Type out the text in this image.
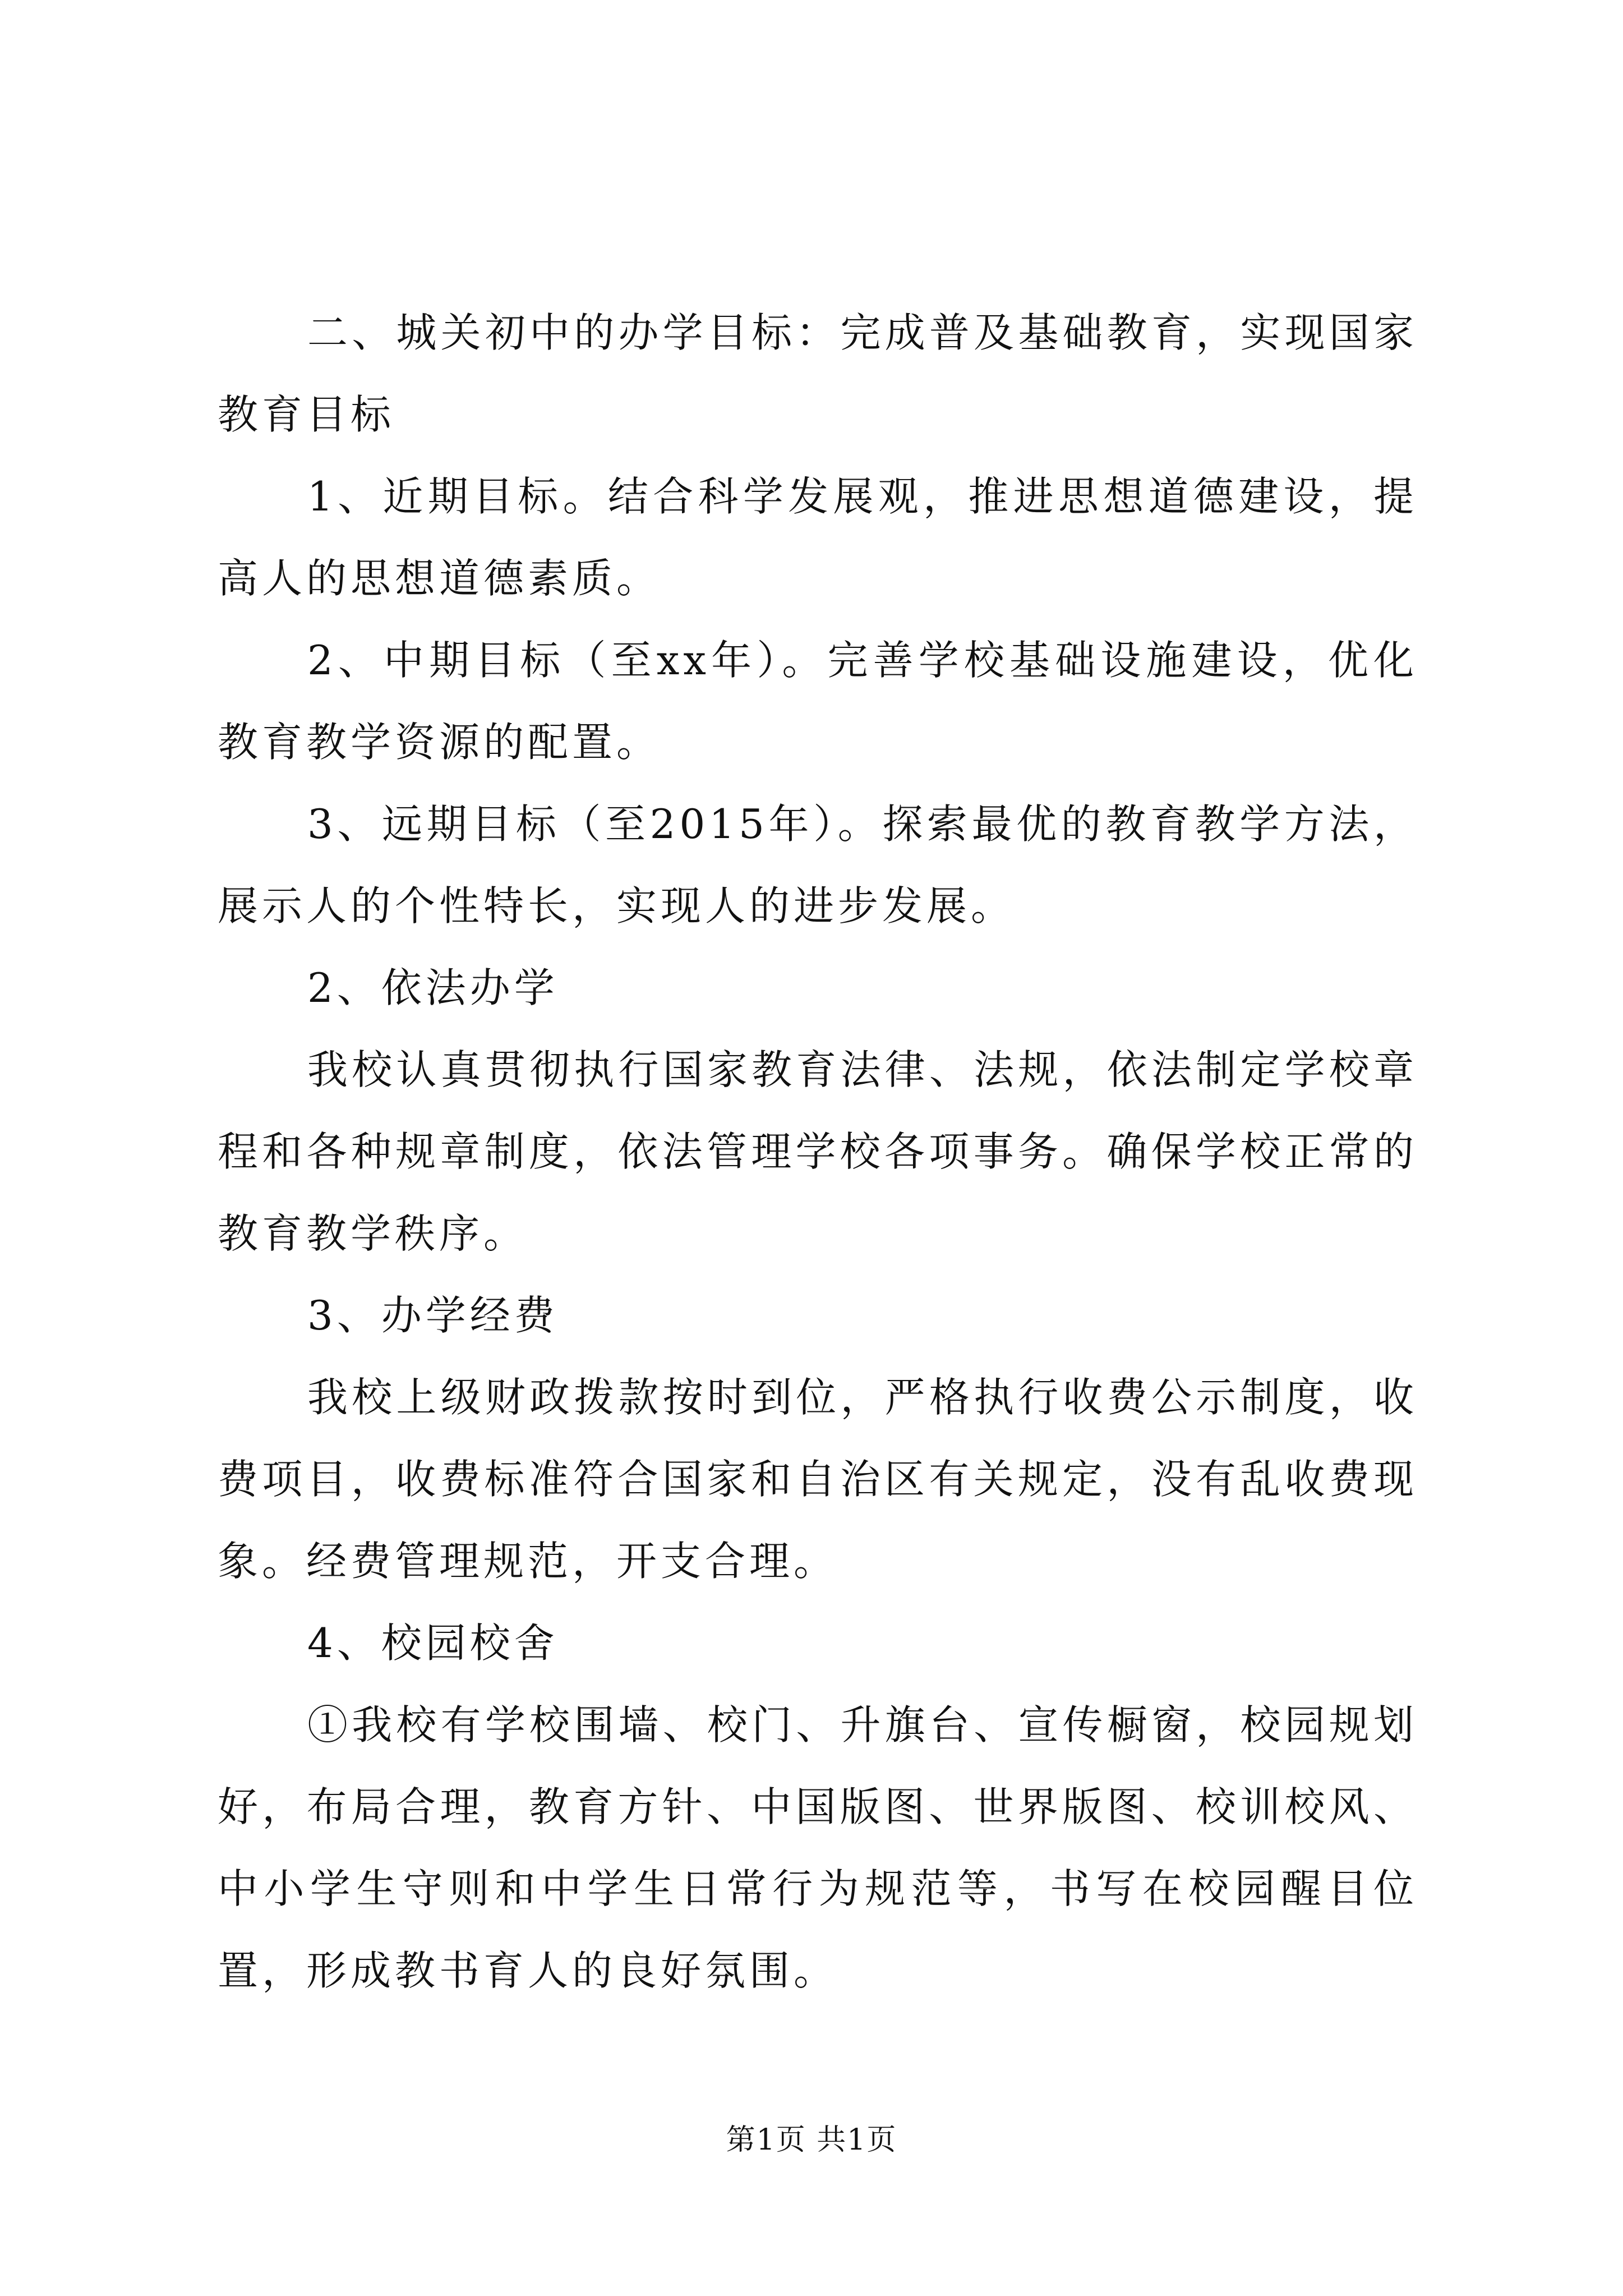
二、城关初中的办学目标：完成普及基础教育，实现国家教育目标

1、近期目标。结合科学发展观，推进思想道德建设，提高人的思想道德素质。

2、中期目标（至xx年）。完善学校基础设施建设，优化教育教学资源的配置。

3、远期目标（至2015年）。探索最优的教育教学方法，展示人的个性特长，实现人的进步发展。

2、依法办学

我校认真贯彻执行国家教育法律、法规，依法制定学校章程和各种规章制度，依法管理学校各项事务。确保学校正常的教育教学秩序。

3、办学经费

我校上级财政拨款按时到位，严格执行收费公示制度，收费项目，收费标准符合国家和自治区有关规定，没有乱收费现象。经费管理规范，开支合理。

4、校园校舍

①我校有学校围墙、校门、升旗台、宣传橱窗，校园规划好，布局合理，教育方针、中国版图、世界版图、校训校风、中小学生守则和中学生日常行为规范等，书写在校园醒目位置，形成教书育人的良好氛围。

第1页 共1页
